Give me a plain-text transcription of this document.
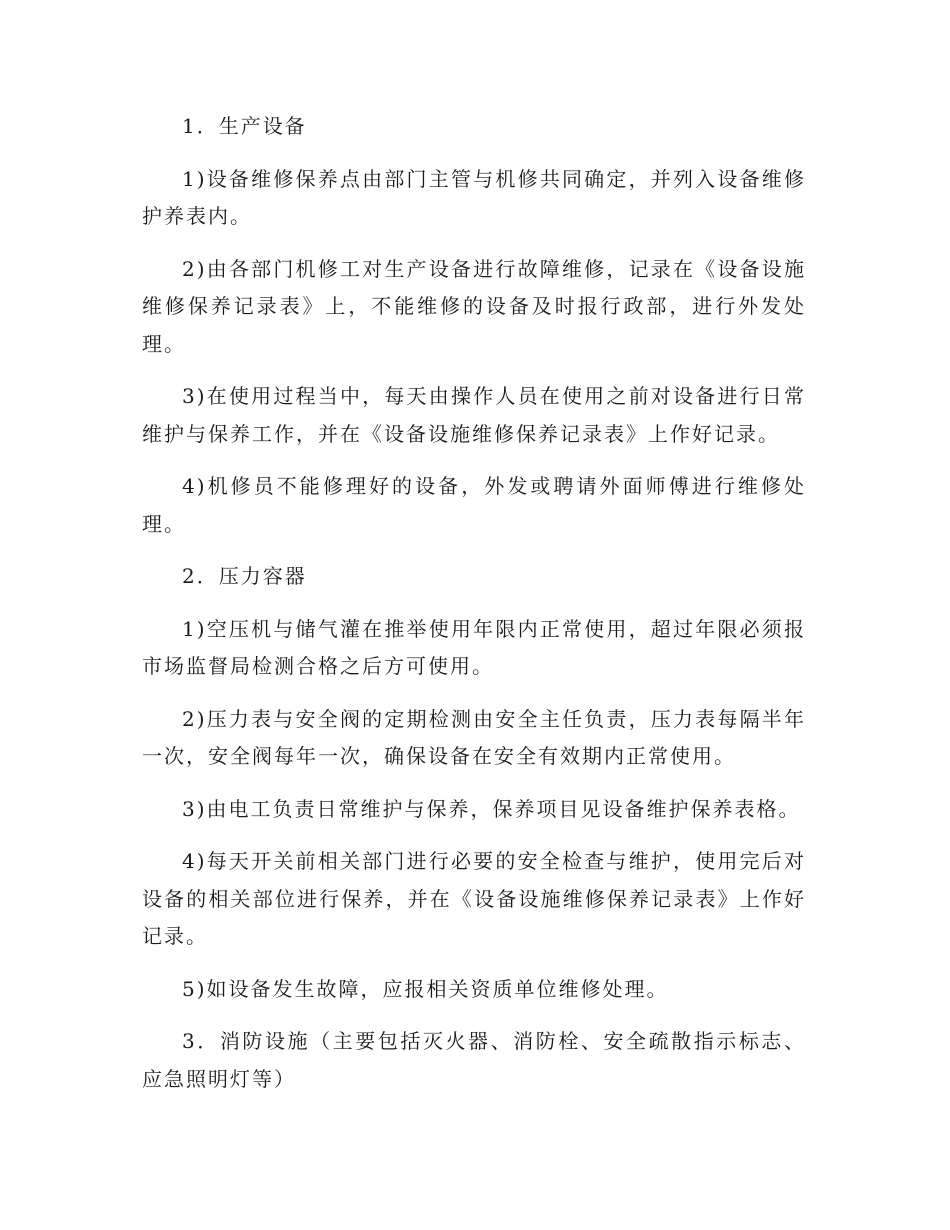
1．生产设备

1)设备维修保养点由部门主管与机修共同确定，并列入设备维修护养表内。

2)由各部门机修工对生产设备进行故障维修，记录在《设备设施维修保养记录表》上，不能维修的设备及时报行政部，进行外发处理。

3)在使用过程当中，每天由操作人员在使用之前对设备进行日常维护与保养工作，并在《设备设施维修保养记录表》上作好记录。

4)机修员不能修理好的设备，外发或聘请外面师傅进行维修处理。

2．压力容器

1)空压机与储气灌在推举使用年限内正常使用，超过年限必须报市场监督局检测合格之后方可使用。

2)压力表与安全阀的定期检测由安全主任负责，压力表每隔半年一次，安全阀每年一次，确保设备在安全有效期内正常使用。

3)由电工负责日常维护与保养，保养项目见设备维护保养表格。

4)每天开关前相关部门进行必要的安全检查与维护，使用完后对设备的相关部位进行保养，并在《设备设施维修保养记录表》上作好记录。

5)如设备发生故障，应报相关资质单位维修处理。

3．消防设施（主要包括灭火器、消防栓、安全疏散指示标志、应急照明灯等）
